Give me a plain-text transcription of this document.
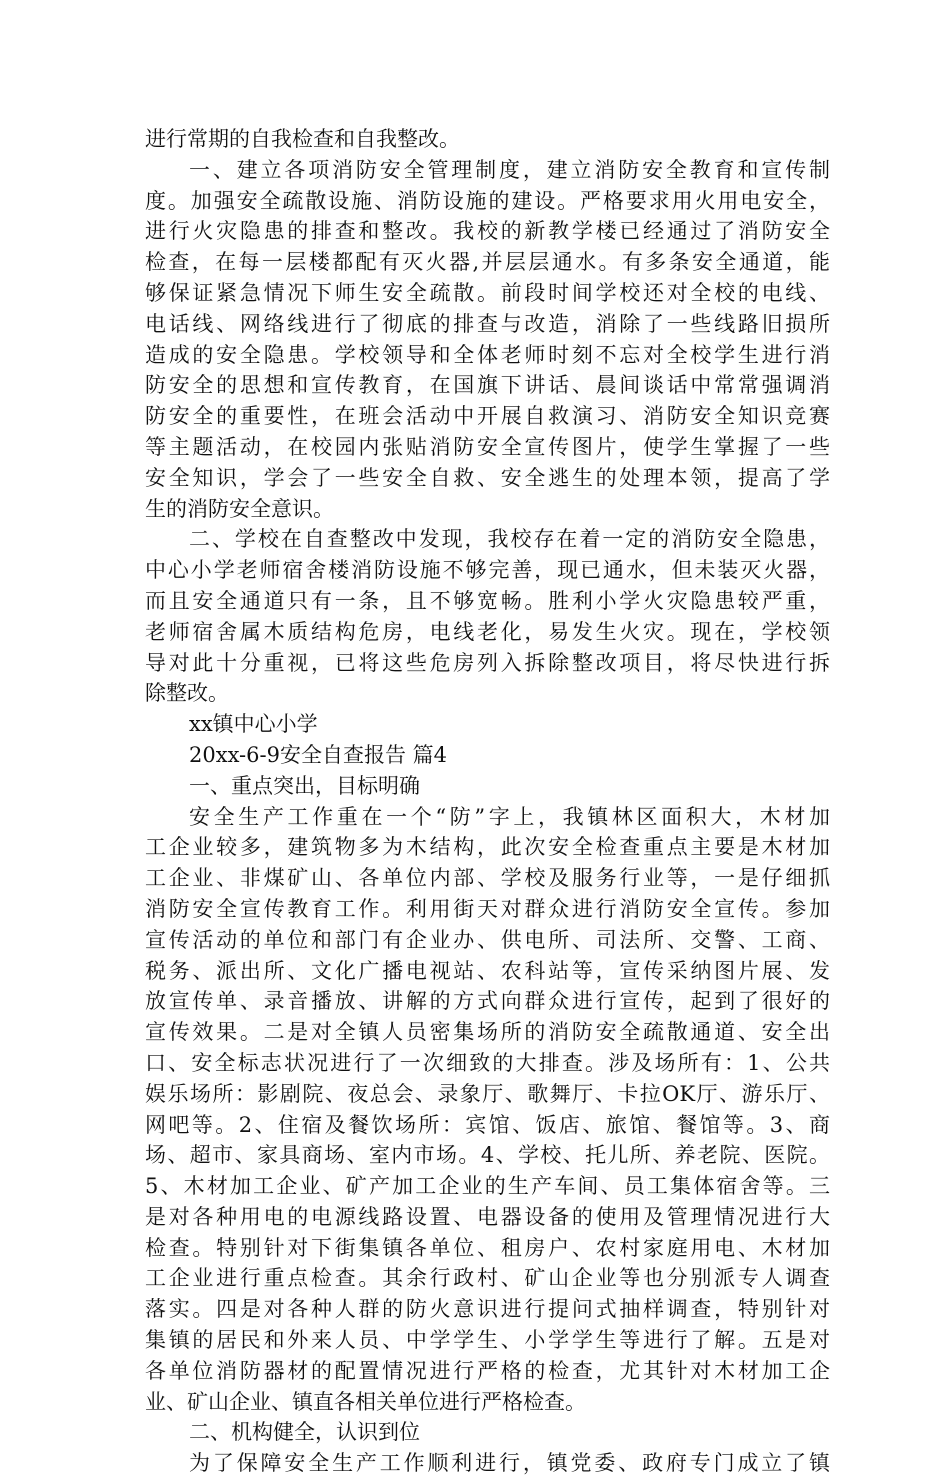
进行常期的自我检查和自我整改。
一、建立各项消防安全管理制度，建立消防安全教育和宣传制
度。加强安全疏散设施、消防设施的建设。严格要求用火用电安全，
进行火灾隐患的排查和整改。我校的新教学楼已经通过了消防安全
检查，在每一层楼都配有灭火器,并层层通水。有多条安全通道，能
够保证紧急情况下师生安全疏散。前段时间学校还对全校的电线、
电话线、网络线进行了彻底的排查与改造，消除了一些线路旧损所
造成的安全隐患。学校领导和全体老师时刻不忘对全校学生进行消
防安全的思想和宣传教育，在国旗下讲话、晨间谈话中常常强调消
防安全的重要性，在班会活动中开展自救演习、消防安全知识竞赛
等主题活动，在校园内张贴消防安全宣传图片，使学生掌握了一些
安全知识，学会了一些安全自救、安全逃生的处理本领，提高了学
生的消防安全意识。
二、学校在自查整改中发现，我校存在着一定的消防安全隐患，
中心小学老师宿舍楼消防设施不够完善，现已通水，但未装灭火器，
而且安全通道只有一条，且不够宽畅。胜利小学火灾隐患较严重，
老师宿舍属木质结构危房，电线老化，易发生火灾。现在，学校领
导对此十分重视，已将这些危房列入拆除整改项目，将尽快进行拆
除整改。
xx镇中心小学
20xx-6-9安全自查报告 篇4
一、重点突出，目标明确
安全生产工作重在一个“防”字上，我镇林区面积大，木材加
工企业较多，建筑物多为木结构，此次安全检查重点主要是木材加
工企业、非煤矿山、各单位内部、学校及服务行业等，一是仔细抓
消防安全宣传教育工作。利用街天对群众进行消防安全宣传。参加
宣传活动的单位和部门有企业办、供电所、司法所、交警、工商、
税务、派出所、文化广播电视站、农科站等，宣传采纳图片展、发
放宣传单、录音播放、讲解的方式向群众进行宣传，起到了很好的
宣传效果。二是对全镇人员密集场所的消防安全疏散通道、安全出
口、安全标志状况进行了一次细致的大排查。涉及场所有：1、公共
娱乐场所：影剧院、夜总会、录象厅、歌舞厅、卡拉OK厅、游乐厅、
网吧等。2、住宿及餐饮场所：宾馆、饭店、旅馆、餐馆等。3、商
场、超市、家具商场、室内市场。4、学校、托儿所、养老院、医院。
5、木材加工企业、矿产加工企业的生产车间、员工集体宿舍等。三
是对各种用电的电源线路设置、电器设备的使用及管理情况进行大
检查。特别针对下街集镇各单位、租房户、农村家庭用电、木材加
工企业进行重点检查。其余行政村、矿山企业等也分别派专人调查
落实。四是对各种人群的防火意识进行提问式抽样调查，特别针对
集镇的居民和外来人员、中学学生、小学学生等进行了解。五是对
各单位消防器材的配置情况进行严格的检查，尤其针对木材加工企
业、矿山企业、镇直各相关单位进行严格检查。
二、机构健全，认识到位
为了保障安全生产工作顺利进行，镇党委、政府专门成立了镇
